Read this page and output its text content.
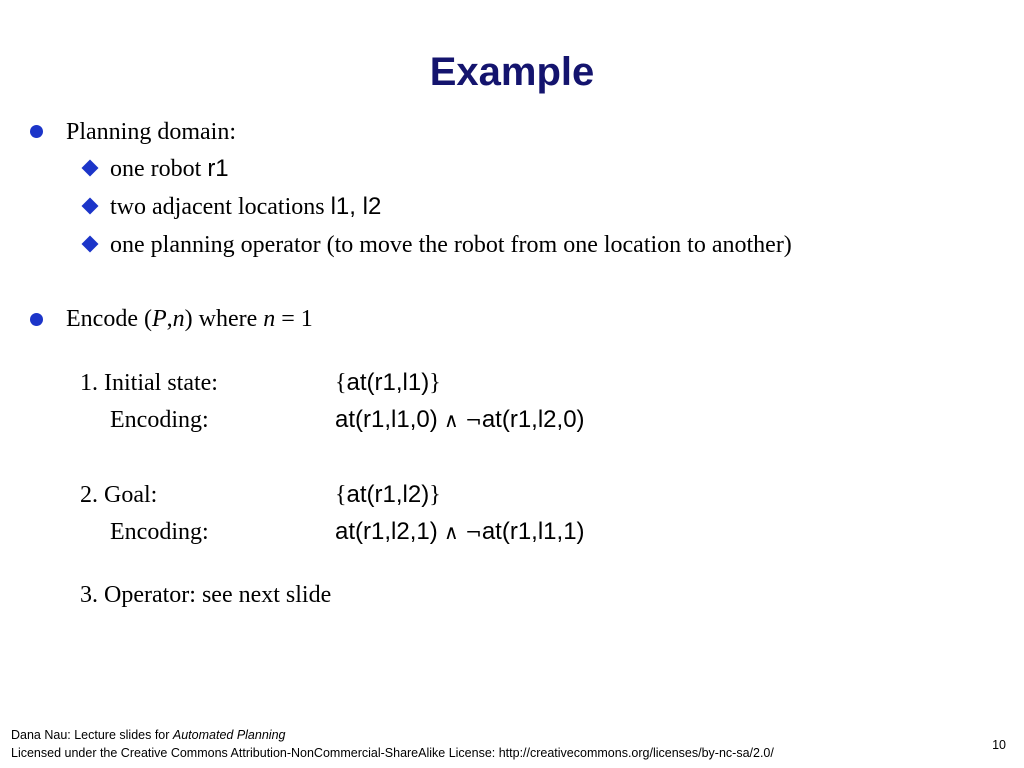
Example
Planning domain:
one robot r1
two adjacent locations l1, l2
one planning operator (to move the robot from one location to another)
Encode (P,n) where n = 1
1. Initial state:	{at(r1,l1)}
Encoding:	at(r1,l1,0) ∧ ¬at(r1,l2,0)
2. Goal:	{at(r1,l2)}
Encoding:	at(r1,l2,1) ∧ ¬at(r1,l1,1)
3. Operator: see next slide
Dana Nau: Lecture slides for Automated Planning
Licensed under the Creative Commons Attribution-NonCommercial-ShareAlike License: http://creativecommons.org/licenses/by-nc-sa/2.0/
10
